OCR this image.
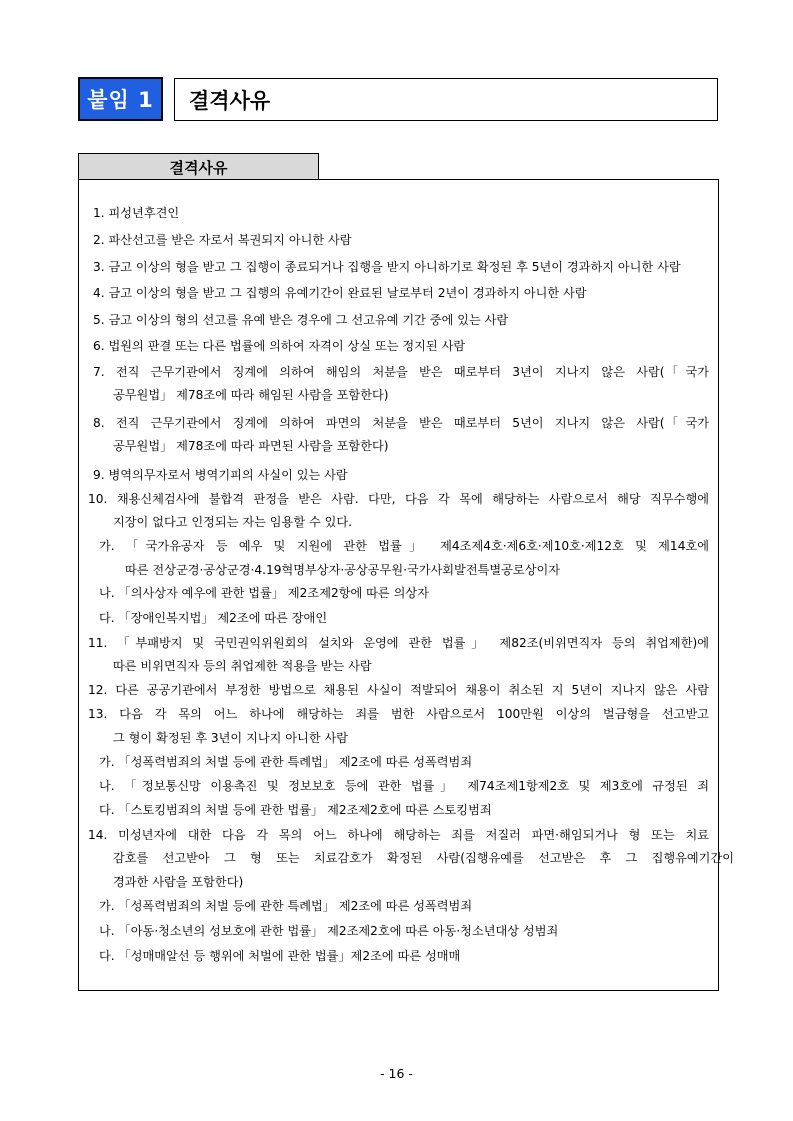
붙임 1	결격사유
결격사유
1. 피성년후견인
2. 파산선고를 받은 자로서 복권되지 아니한 사람
3. 금고 이상의 형을 받고 그 집행이 종료되거나 집행을 받지 아니하기로 확정된 후 5년이 경과하지 아니한 사람
4. 금고 이상의 형을 받고 그 집행의 유예기간이 완료된 날로부터 2년이 경과하지 아니한 사람
5. 금고 이상의 형의 선고를 유예 받은 경우에 그 선고유예 기간 중에 있는 사람
6. 법원의 판결 또는 다른 법률에 의하여 자격이 상실 또는 정지된 사람
7. 전직 근무기관에서 징계에 의하여 해임의 처분을 받은 때로부터 3년이 지나지 않은 사람(「국가
공무원법」 제78조에 따라 해임된 사람을 포함한다)
8. 전직 근무기관에서 징계에 의하여 파면의 처분을 받은 때로부터 5년이 지나지 않은 사람(「국가
공무원법」 제78조에 따라 파면된 사람을 포함한다)
9. 병역의무자로서 병역기피의 사실이 있는 사람
10. 채용신체검사에 불합격 판정을 받은 사람. 다만, 다음 각 목에 해당하는 사람으로서 해당 직무수행에
지장이 없다고 인정되는 자는 임용할 수 있다.
가. 「국가유공자 등 예우 및 지원에 관한 법률」 제4조제4호·제6호·제10호·제12호 및 제14호에
따른 전상군경·공상군경·4.19혁명부상자·공상공무원·국가사회발전특별공로상이자
나. 「의사상자 예우에 관한 법률」 제2조제2항에 따른 의상자
다. 「장애인복지법」 제2조에 따른 장애인
11. 「부패방지 및 국민권익위원회의 설치와 운영에 관한 법률」 제82조(비위면직자 등의 취업제한)에
따른 비위면직자 등의 취업제한 적용을 받는 사람
12. 다른 공공기관에서 부정한 방법으로 채용된 사실이 적발되어 채용이 취소된 지 5년이 지나지 않은 사람
13. 다음 각 목의 어느 하나에 해당하는 죄를 범한 사람으로서 100만원 이상의 벌금형을 선고받고
그 형이 확정된 후 3년이 지나지 아니한 사람
가. 「성폭력범죄의 처벌 등에 관한 특례법」 제2조에 따른 성폭력범죄
나. 「정보통신망 이용촉진 및 정보보호 등에 관한 법률」 제74조제1항제2호 및 제3호에 규정된 죄
다. 「스토킹범죄의 처벌 등에 관한 법률」 제2조제2호에 따른 스토킹범죄
14. 미성년자에 대한 다음 각 목의 어느 하나에 해당하는 죄를 저질러 파면·해임되거나 형 또는 치료
감호를 선고받아 그 형 또는 치료감호가 확정된 사람(집행유예를 선고받은 후 그 집행유예기간이
경과한 사람을 포함한다)
가. 「성폭력범죄의 처벌 등에 관한 특례법」 제2조에 따른 성폭력범죄
나. 「아동·청소년의 성보호에 관한 법률」 제2조제2호에 따른 아동·청소년대상 성범죄
다. 「성매매알선 등 행위에 처벌에 관한 법률」제2조에 따른 성매매
- 16 -
